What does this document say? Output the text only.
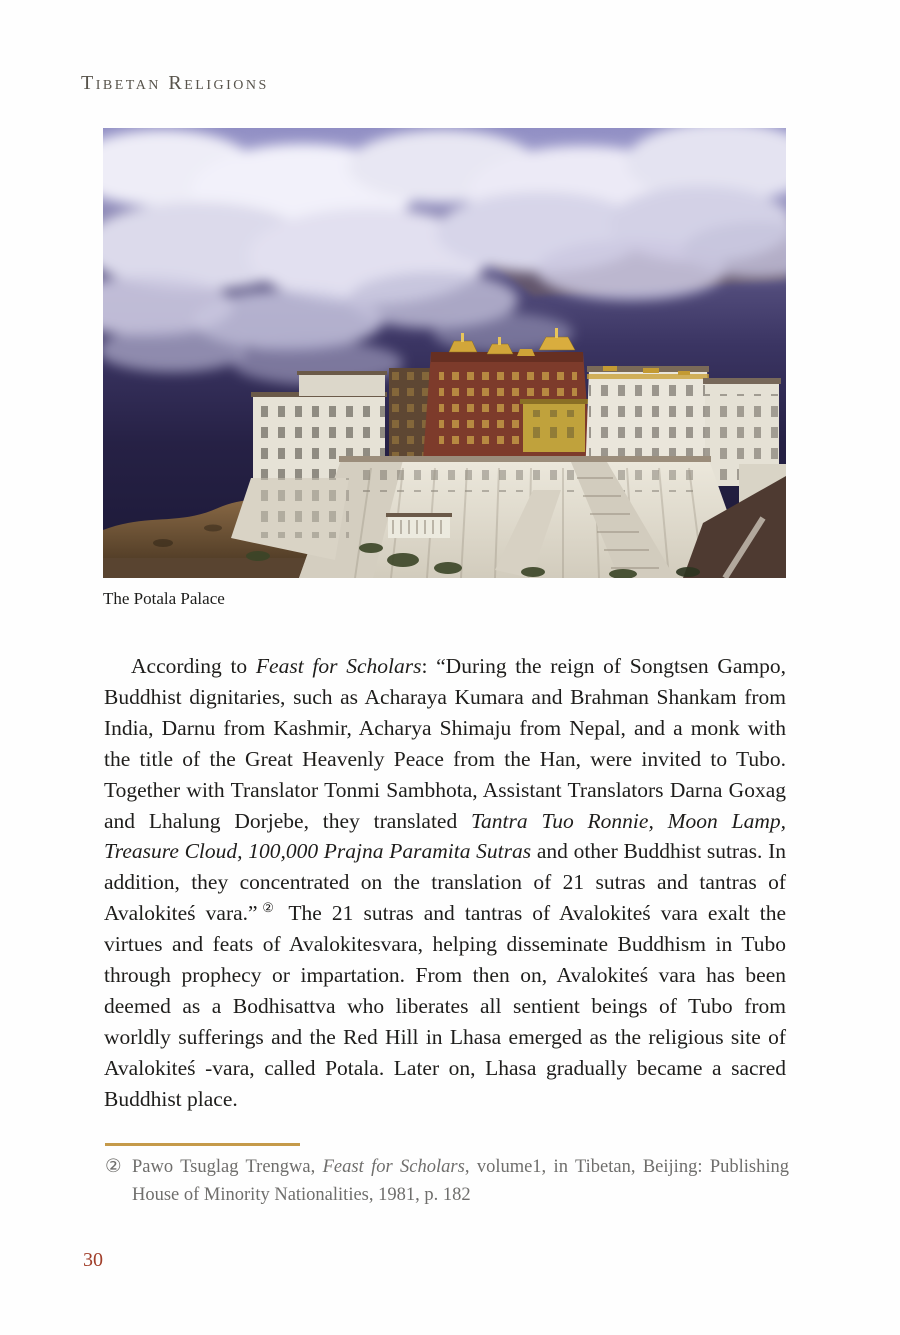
Tibetan Religions
The Potala Palace
According to Feast for Scholars: “During the reign of Songtsen Gampo, Buddhist dignitaries, such as Acharaya Kumara and Brahman Shankam from India, Darnu from Kashmir, Acharya Shimaju from Nepal, and a monk with the title of the Great Heavenly Peace from the Han, were invited to Tubo. Together with Translator Tonmi Sambhota, Assistant Translators Darna Goxag and Lhalung Dorjebe, they translated Tantra Tuo Ronnie, Moon Lamp, Treasure Cloud, 100,000 Prajna Paramita Sutras and other Buddhist sutras. In addition, they concentrated on the translation of 21 sutras and tantras of Avalokiteś vara.”② The 21 sutras and tantras of Avalokiteś vara exalt the virtues and feats of Avalokitesvara, helping disseminate Buddhism in Tubo through prophecy or impartation. From then on, Avalokiteś vara has been deemed as a Bodhisattva who liberates all sentient beings of Tubo from worldly sufferings and the Red Hill in Lhasa emerged as the religious site of Avalokiteś -vara, called Potala. Later on, Lhasa gradually became a sacred Buddhist place.
② Pawo Tsuglag Trengwa, Feast for Scholars, volume1, in Tibetan, Beijing: Publishing House of Minority Nationalities, 1981, p. 182
30
